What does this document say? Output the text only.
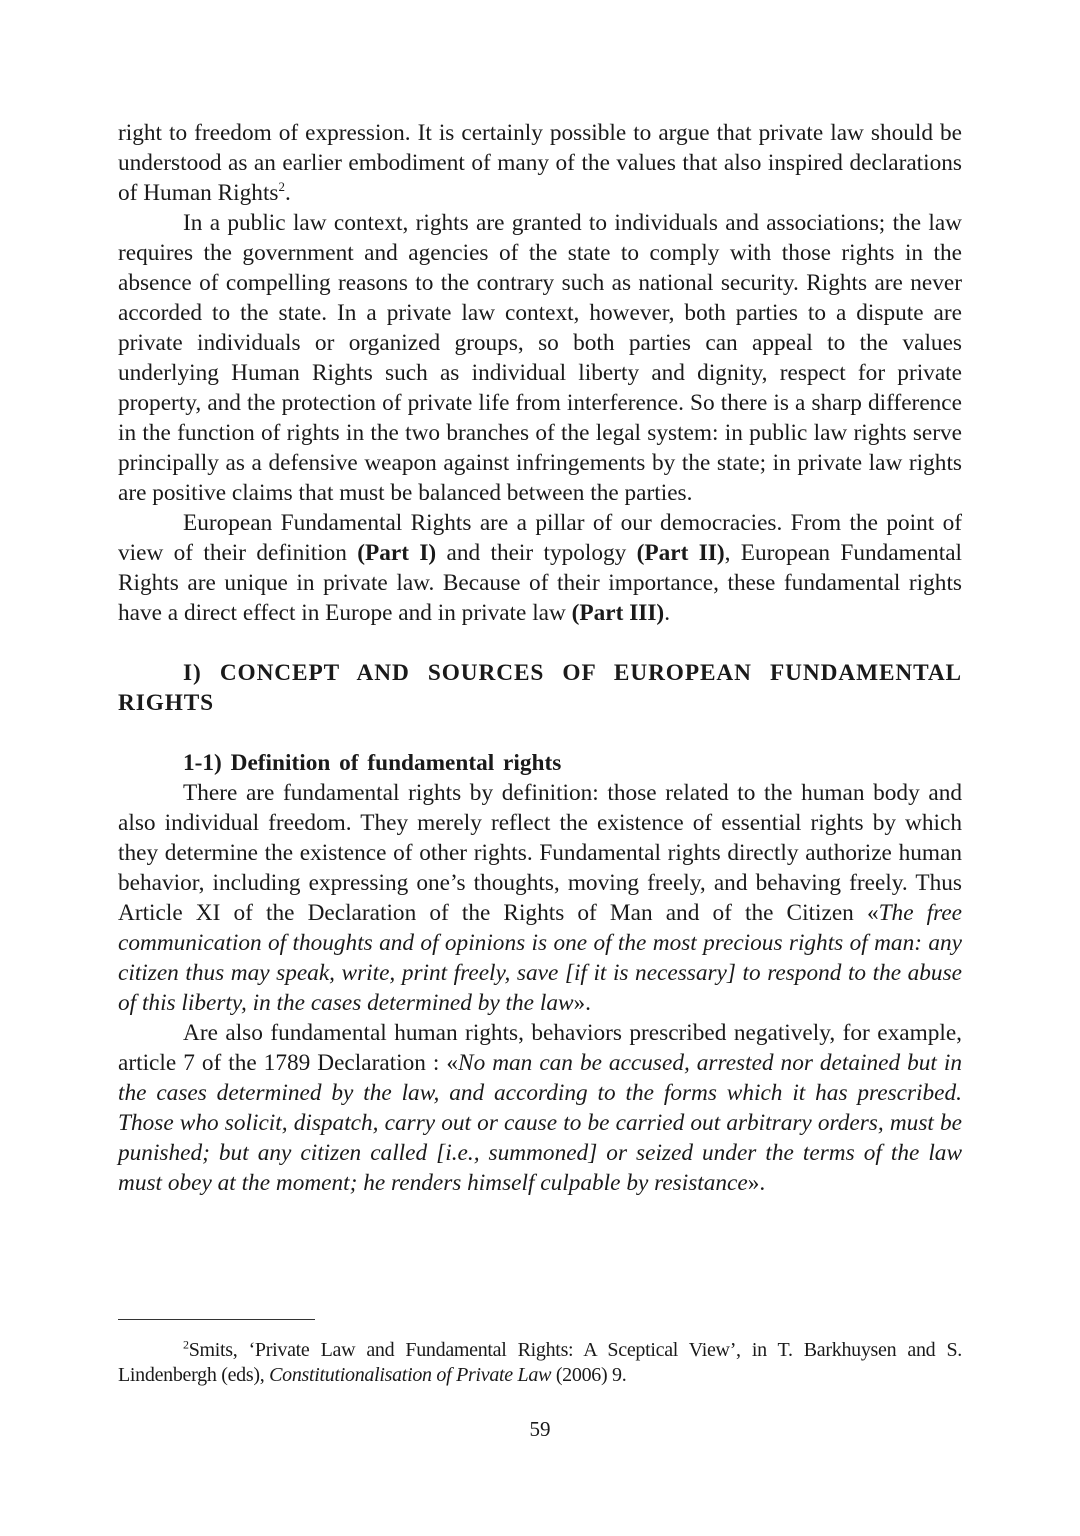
right to freedom of expression. It is certainly possible to argue that private law should be understood as an earlier embodiment of many of the values that also inspired declarations of Human Rights$^2$.

In a public law context, rights are granted to individuals and associations; the law requires the government and agencies of the state to comply with those rights in the absence of compelling reasons to the contrary such as national security. Rights are never accorded to the state. In a private law context, however, both parties to a dispute are private individuals or organized groups, so both parties can appeal to the values underlying Human Rights such as individual liberty and dignity, respect for private property, and the protection of private life from interference. So there is a sharp difference in the function of rights in the two branches of the legal system: in public law rights serve principally as a defensive weapon against infringements by the state; in private law rights are positive claims that must be balanced between the parties.

European Fundamental Rights are a pillar of our democracies. From the point of view of their definition (Part I) and their typology (Part II), European Fundamental Rights are unique in private law. Because of their importance, these fundamental rights have a direct effect in Europe and in private law (Part III).

I) CONCEPT AND SOURCES OF EUROPEAN FUNDAMENTAL RIGHTS
1-1) Definition of fundamental rights

There are fundamental rights by definition: those related to the human body and also individual freedom. They merely reflect the existence of essential rights by which they determine the existence of other rights. Fundamental rights directly authorize human behavior, including expressing one’s thoughts, moving freely, and behaving freely. Thus Article XI of the Declaration of the Rights of Man and of the Citizen «The free communication of thoughts and of opinions is one of the most precious rights of man: any citizen thus may speak, write, print freely, save [if it is necessary] to respond to the abuse of this liberty, in the cases determined by the law».

Are also fundamental human rights, behaviors prescribed negatively, for example, article 7 of the 1789 Declaration : «No man can be accused, arrested nor detained but in the cases determined by the law, and according to the forms which it has prescribed. Those who solicit, dispatch, carry out or cause to be carried out arbitrary orders, must be punished; but any citizen called [i.e., summoned] or seized under the terms of the law must obey at the moment; he renders himself culpable by resistance».

$^2$Smits, ‘Private Law and Fundamental Rights: A Sceptical View’, in T. Barkhuysen and S. Lindenbergh (eds), Constitutionalisation of Private Law (2006) 9.
59
